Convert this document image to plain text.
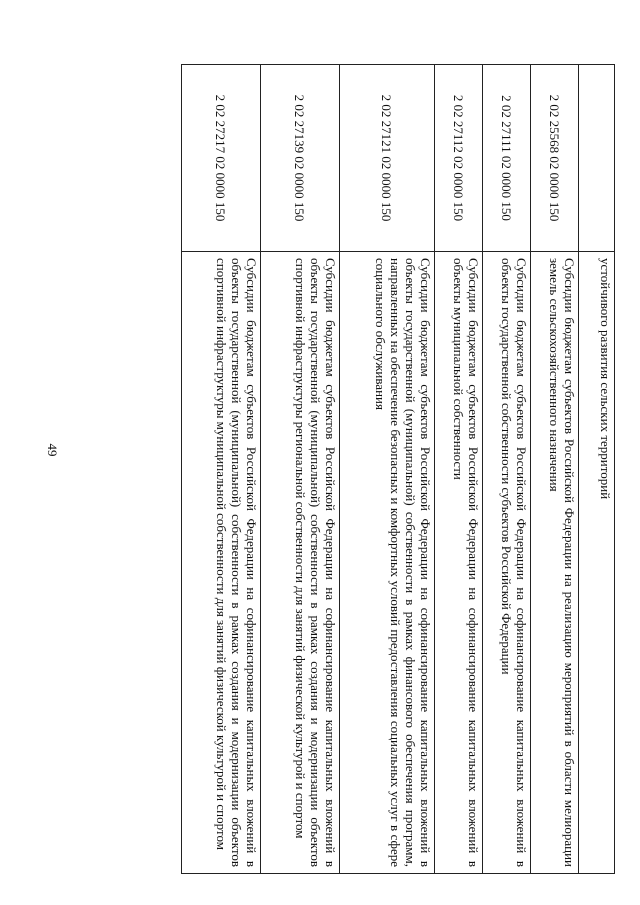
49
		устойчивого развития сельских территорий
2 02 25568 02 0000 150	Субсидии бюджетам субъектов Российской Федерации на реализацию мероприятий в области мелиорации земель сельскохозяйственного назначения
2 02 27111 02 0000 150	Субсидии бюджетам субъектов Российской Федерации на софинансирование капитальных вложений в объекты государственной собственности субъектов Российской Федерации
2 02 27112 02 0000 150	Субсидии бюджетам субъектов Российской Федерации на софинансирование капитальных вложений в объекты муниципальной собственности
2 02 27121 02 0000 150	Субсидии бюджетам субъектов Российской Федерации на софинансирование капитальных вложений в объекты государственной (муниципальной) собственности в рамках финансового обеспечения программ, направленных на обеспечение безопасных и комфортных условий предоставления социальных услуг в сфере социального обслуживания
2 02 27139 02 0000 150	Субсидии бюджетам субъектов Российской Федерации на софинансирование капитальных вложений в объекты государственной (муниципальной) собственности в рамках создания и модернизации объектов спортивной инфраструктуры региональной собственности для занятий физической культурой и спортом
2 02 27217 02 0000 150	Субсидии бюджетам субъектов Российской Федерации на софинансирование капитальных вложений в объекты государственной (муниципальной) собственности в рамках создания и модернизации объектов спортивной инфраструктуры муниципальной собственности для занятий физической культурой и спортом
